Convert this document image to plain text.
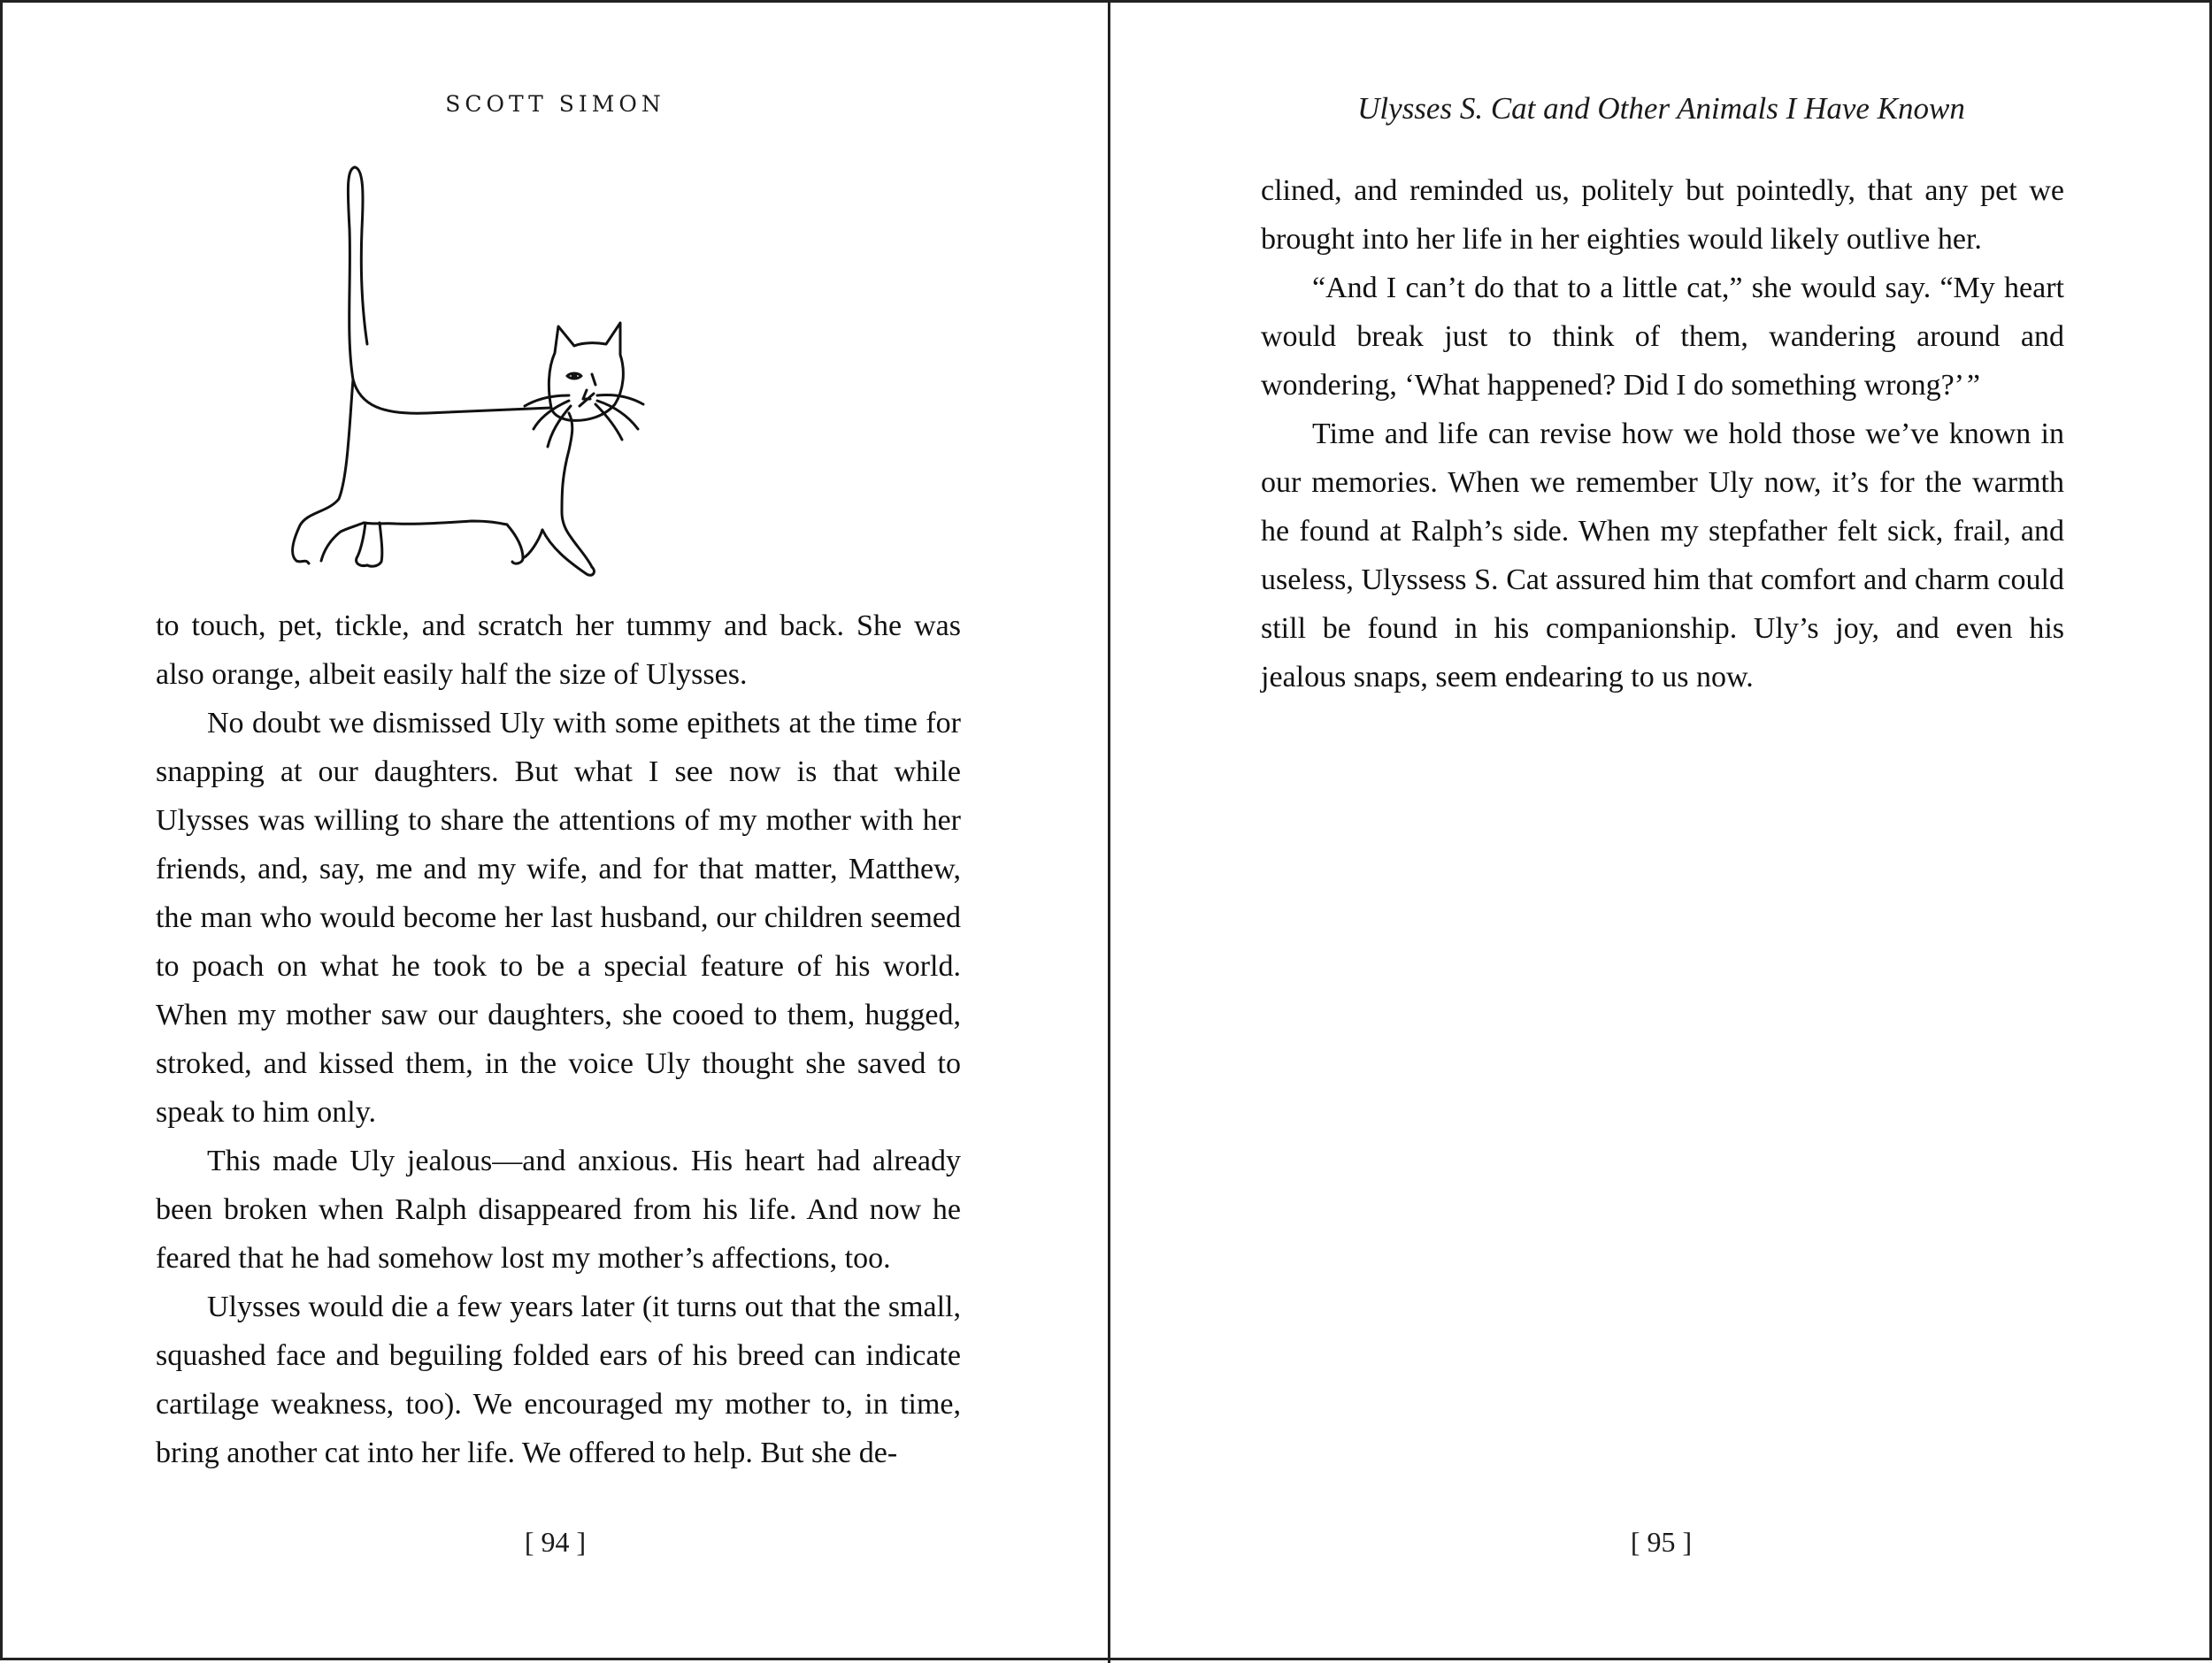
SCOTT SIMON

to touch, pet, tickle, and scratch her tummy and back. She was also orange, albeit easily half the size of Ulysses.

No doubt we dismissed Uly with some epithets at the time for snapping at our daughters. But what I see now is that while Ulysses was willing to share the attentions of my mother with her friends, and, say, me and my wife, and for that matter, Matthew, the man who would become her last husband, our children seemed to poach on what he took to be a special feature of his world. When my mother saw our daughters, she cooed to them, hugged, stroked, and kissed them, in the voice Uly thought she saved to speak to him only.

This made Uly jealous—and anxious. His heart had already been broken when Ralph disappeared from his life. And now he feared that he had somehow lost my mother’s affections, too.

Ulysses would die a few years later (it turns out that the small, squashed face and beguiling folded ears of his breed can indicate cartilage weakness, too). We encouraged my mother to, in time, bring another cat into her life. We offered to help. But she de-

[ 94 ]
Ulysses S. Cat and Other Animals I Have Known

clined, and reminded us, politely but pointedly, that any pet we brought into her life in her eighties would likely outlive her.

“And I can’t do that to a little cat,” she would say. “My heart would break just to think of them, wandering around and wondering, ‘What happened? Did I do something wrong?’ ”

Time and life can revise how we hold those we’ve known in our memories. When we remember Uly now, it’s for the warmth he found at Ralph’s side. When my stepfather felt sick, frail, and useless, Ulyssess S. Cat assured him that comfort and charm could still be found in his companionship. Uly’s joy, and even his jealous snaps, seem endearing to us now.

[ 95 ]
